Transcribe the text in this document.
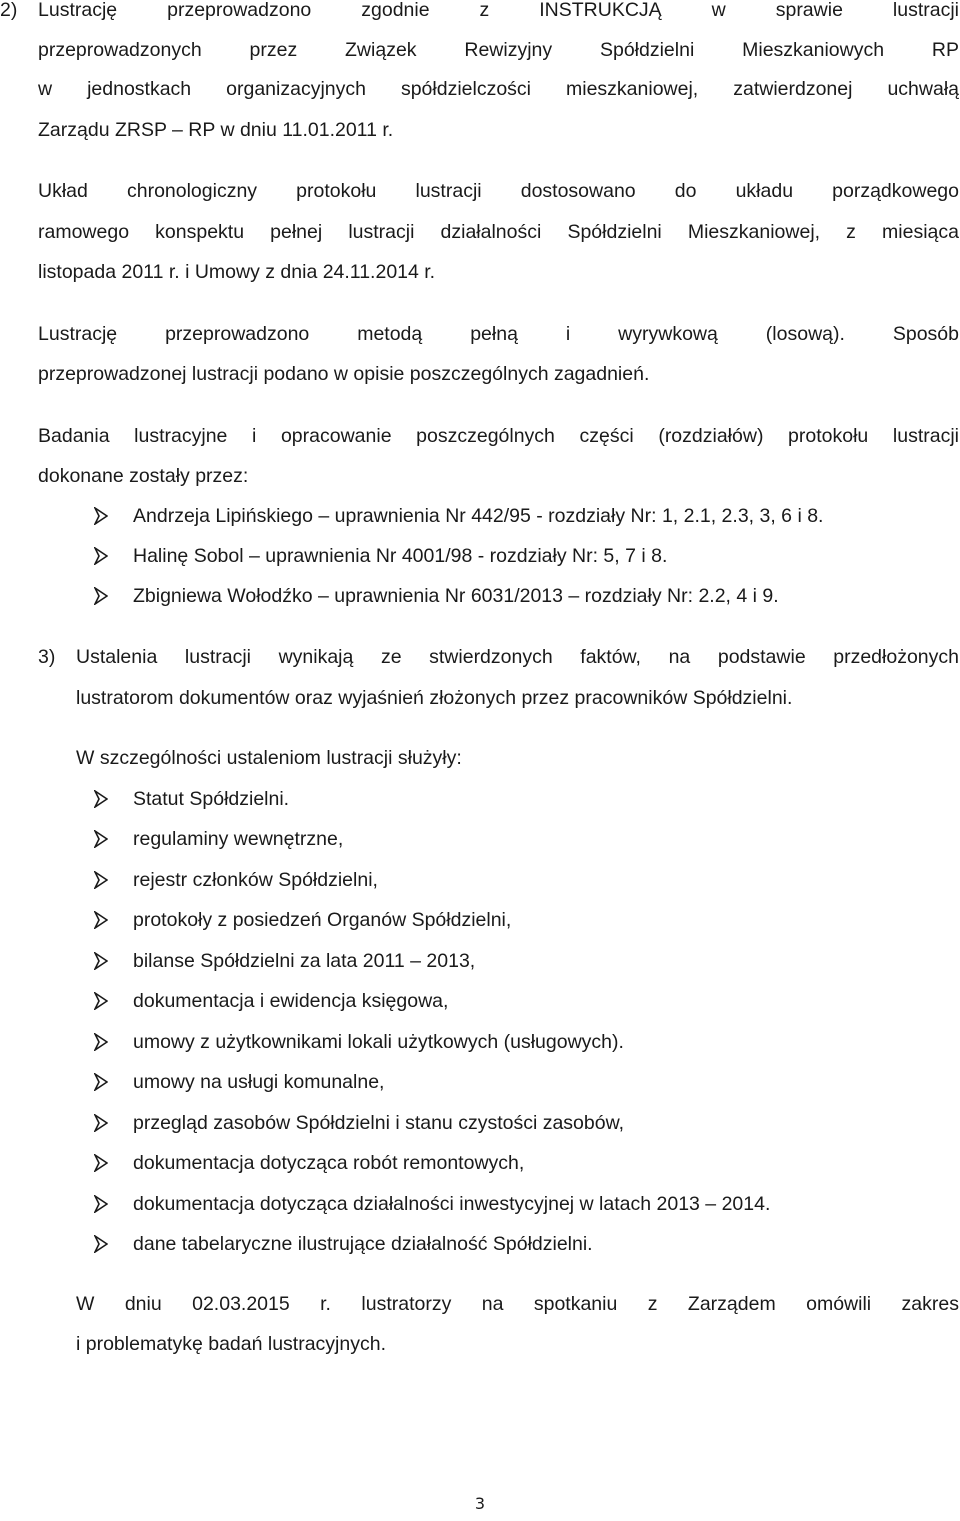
2) Lustrację przeprowadzono zgodnie z INSTRUKCJĄ w sprawie lustracji
przeprowadzonych przez Związek Rewizyjny Spółdzielni Mieszkaniowych RP
w jednostkach organizacyjnych spółdzielczości mieszkaniowej, zatwierdzonej uchwałą
Zarządu ZRSP – RP w dniu 11.01.2011 r.
Układ chronologiczny protokołu lustracji dostosowano do układu porządkowego
ramowego konspektu pełnej lustracji działalności Spółdzielni Mieszkaniowej, z miesiąca
listopada 2011 r. i Umowy z dnia 24.11.2014 r.
Lustrację przeprowadzono metodą pełną i wyrywkową (losową). Sposób
przeprowadzonej lustracji podano w opisie poszczególnych zagadnień.
Badania lustracyjne i opracowanie poszczególnych części (rozdziałów) protokołu lustracji
dokonane zostały przez:
Andrzeja Lipińskiego – uprawnienia Nr 442/95 - rozdziały Nr: 1, 2.1, 2.3, 3, 6 i 8.
Halinę Sobol – uprawnienia Nr 4001/98 - rozdziały Nr: 5, 7 i 8.
Zbigniewa Wołodźko – uprawnienia Nr 6031/2013 – rozdziały Nr: 2.2, 4 i 9.
3) Ustalenia lustracji wynikają ze stwierdzonych faktów, na podstawie przedłożonych
lustratorom dokumentów oraz wyjaśnień złożonych przez pracowników Spółdzielni.
W szczególności ustaleniom lustracji służyły:
Statut Spółdzielni.
regulaminy wewnętrzne,
rejestr członków Spółdzielni,
protokoły z posiedzeń Organów Spółdzielni,
bilanse Spółdzielni za lata 2011 – 2013,
dokumentacja i ewidencja księgowa,
umowy z użytkownikami lokali użytkowych (usługowych).
umowy na usługi komunalne,
przegląd zasobów Spółdzielni i stanu czystości zasobów,
dokumentacja dotycząca robót remontowych,
dokumentacja dotycząca działalności inwestycyjnej w latach 2013 – 2014.
dane tabelaryczne ilustrujące działalność Spółdzielni.
W dniu 02.03.2015 r. lustratorzy na spotkaniu z Zarządem omówili zakres
i problematykę badań lustracyjnych.
3
